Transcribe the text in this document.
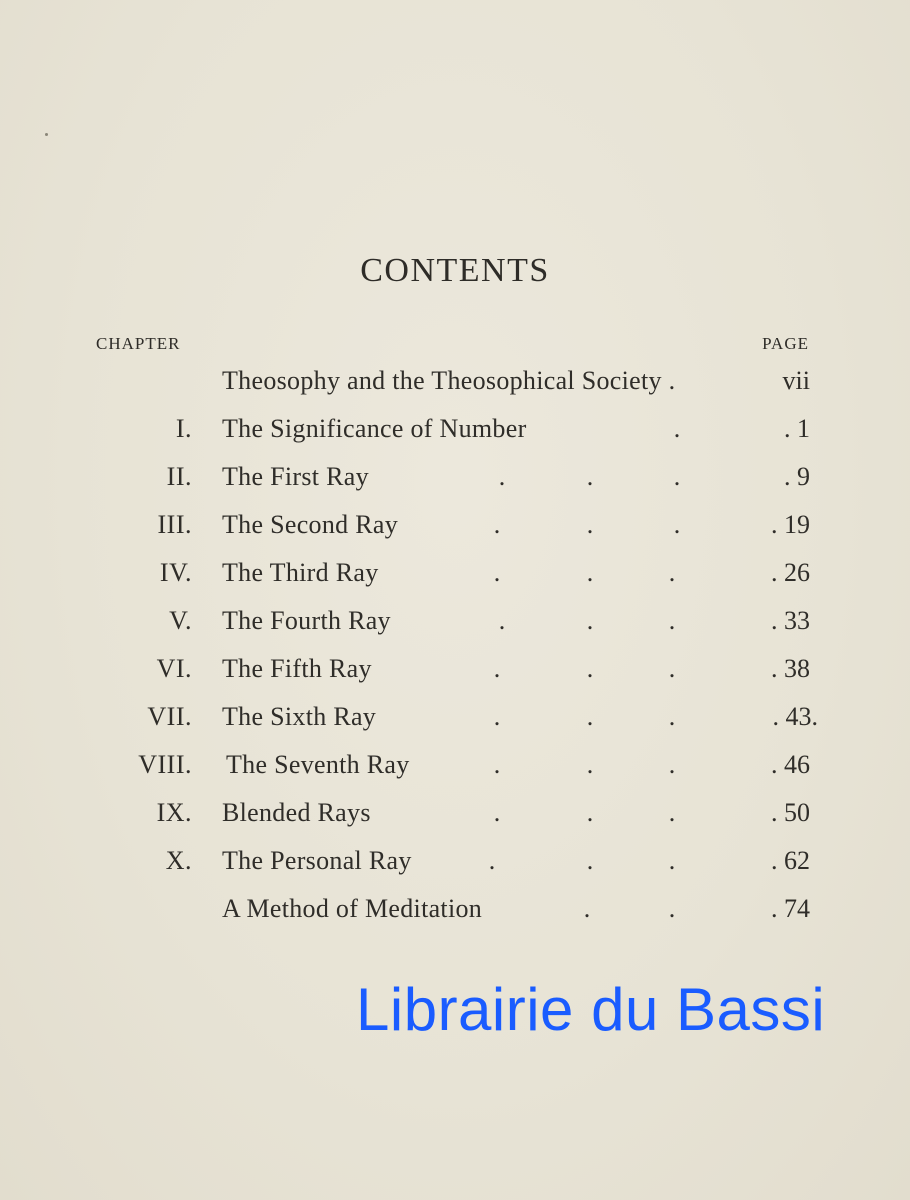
CONTENTS
CHAPTER	PAGE
Theosophy and the Theosophical Society .	vii
I. The Significance of Number	.	. 1
II. The First Ray	.	.	.	. 9
III. The Second Ray	.	.	.	. 19
IV. The Third Ray	.	.	.	. 26
V. The Fourth Ray	.	.	.	. 33
VI. The Fifth Ray	.	.	.	. 38
VII. The Sixth Ray	.	.	.	. 43.
VIII. The Seventh Ray	.	.	.	. 46
IX. Blended Rays	.	.	.	. 50
X. The Personal Ray	.	.	.	. 62
A Method of Meditation	.	.	. 74
Librairie du Bassi
